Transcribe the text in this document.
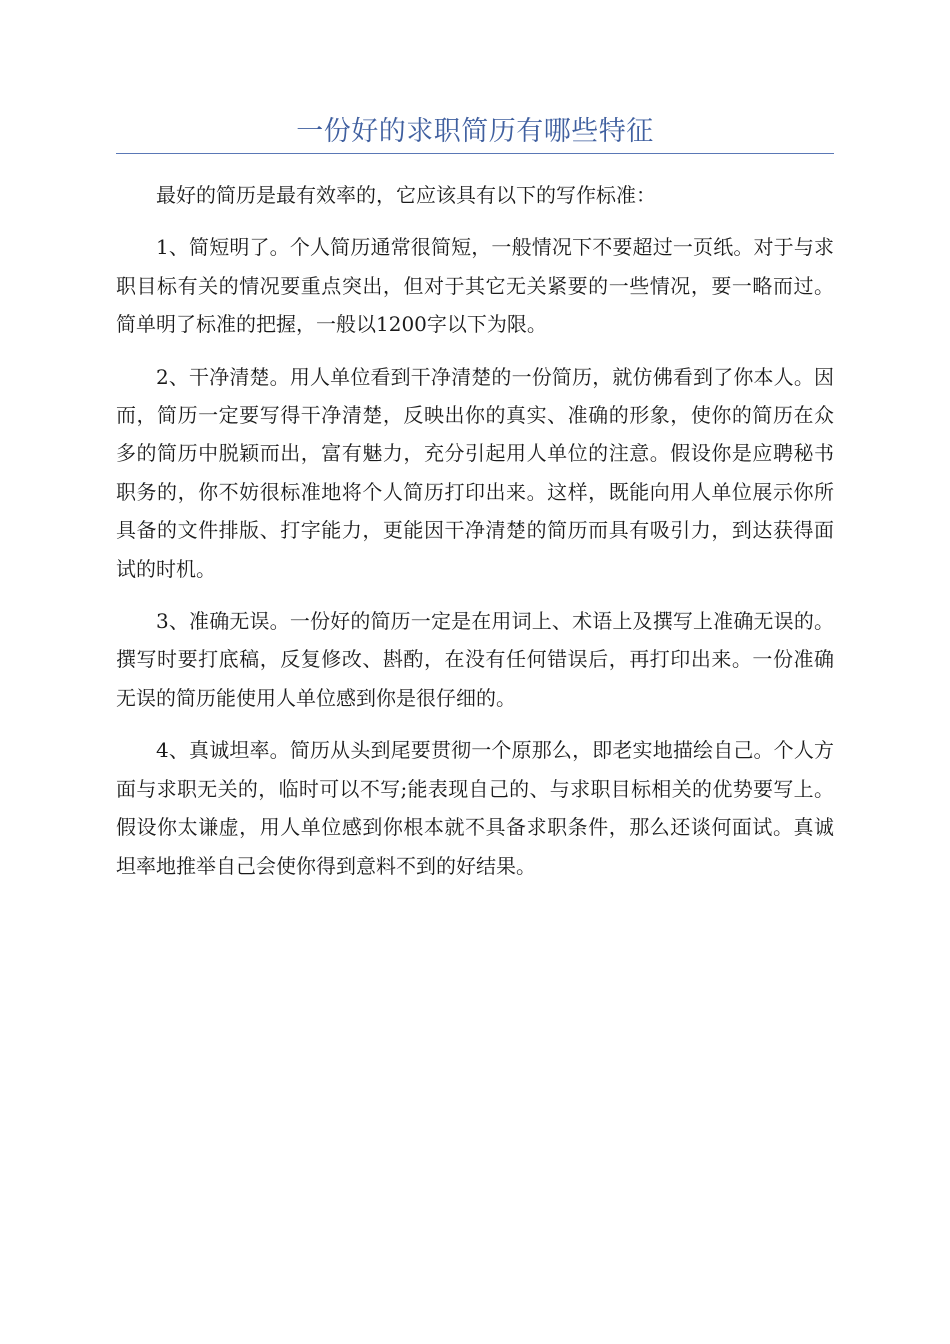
一份好的求职简历有哪些特征

最好的简历是最有效率的，它应该具有以下的写作标准：

1、简短明了。个人简历通常很简短，一般情况下不要超过一页纸。对于与求职目标有关的情况要重点突出，但对于其它无关紧要的一些情况，要一略而过。简单明了标准的把握，一般以1200字以下为限。

2、干净清楚。用人单位看到干净清楚的一份简历，就仿佛看到了你本人。因而，简历一定要写得干净清楚，反映出你的真实、准确的形象，使你的简历在众多的简历中脱颖而出，富有魅力，充分引起用人单位的注意。假设你是应聘秘书职务的，你不妨很标准地将个人简历打印出来。这样，既能向用人单位展示你所具备的文件排版、打字能力，更能因干净清楚的简历而具有吸引力，到达获得面试的时机。

3、准确无误。一份好的简历一定是在用词上、术语上及撰写上准确无误的。撰写时要打底稿，反复修改、斟酌，在没有任何错误后，再打印出来。一份准确无误的简历能使用人单位感到你是很仔细的。

4、真诚坦率。简历从头到尾要贯彻一个原那么，即老实地描绘自己。个人方面与求职无关的，临时可以不写;能表现自己的、与求职目标相关的优势要写上。假设你太谦虚，用人单位感到你根本就不具备求职条件，那么还谈何面试。真诚坦率地推举自己会使你得到意料不到的好结果。
